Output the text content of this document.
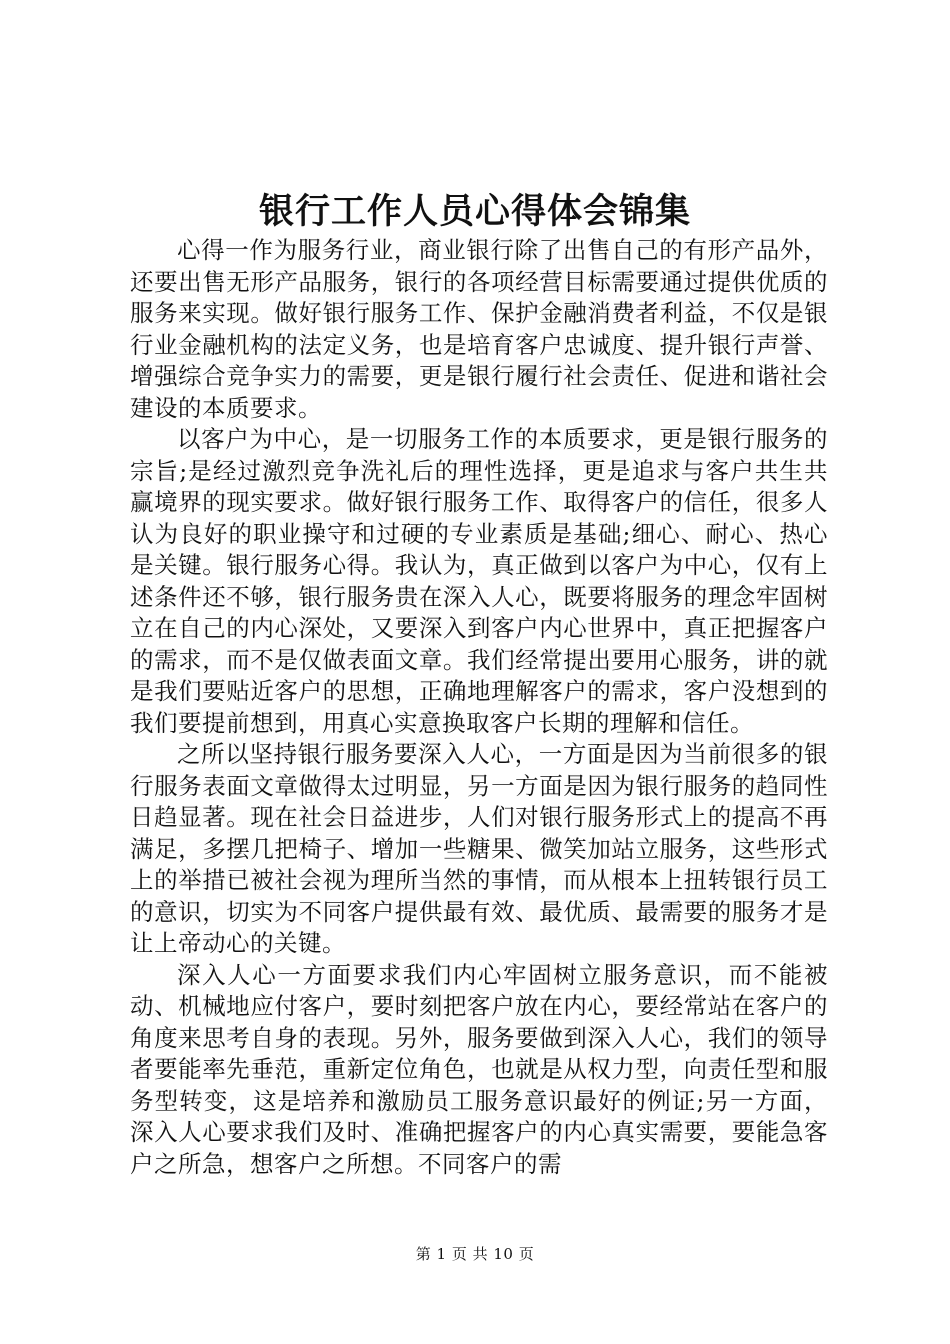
银行工作人员心得体会锦集

心得一作为服务行业，商业银行除了出售自己的有形产品外，还要出售无形产品服务，银行的各项经营目标需要通过提供优质的服务来实现。做好银行服务工作、保护金融消费者利益，不仅是银行业金融机构的法定义务，也是培育客户忠诚度、提升银行声誉、增强综合竞争实力的需要，更是银行履行社会责任、促进和谐社会建设的本质要求。

以客户为中心，是一切服务工作的本质要求，更是银行服务的宗旨;是经过激烈竞争洗礼后的理性选择，更是追求与客户共生共赢境界的现实要求。做好银行服务工作、取得客户的信任，很多人认为良好的职业操守和过硬的专业素质是基础;细心、耐心、热心是关键。银行服务心得。我认为，真正做到以客户为中心，仅有上述条件还不够，银行服务贵在深入人心，既要将服务的理念牢固树立在自己的内心深处，又要深入到客户内心世界中，真正把握客户的需求，而不是仅做表面文章。我们经常提出要用心服务，讲的就是我们要贴近客户的思想，正确地理解客户的需求，客户没想到的我们要提前想到，用真心实意换取客户长期的理解和信任。

之所以坚持银行服务要深入人心，一方面是因为当前很多的银行服务表面文章做得太过明显，另一方面是因为银行服务的趋同性日趋显著。现在社会日益进步，人们对银行服务形式上的提高不再满足，多摆几把椅子、增加一些糖果、微笑加站立服务，这些形式上的举措已被社会视为理所当然的事情，而从根本上扭转银行员工的意识，切实为不同客户提供最有效、最优质、最需要的服务才是让上帝动心的关键。

深入人心一方面要求我们内心牢固树立服务意识，而不能被动、机械地应付客户，要时刻把客户放在内心，要经常站在客户的角度来思考自身的表现。另外，服务要做到深入人心，我们的领导者要能率先垂范，重新定位角色，也就是从权力型，向责任型和服务型转变，这是培养和激励员工服务意识最好的例证;另一方面，深入人心要求我们及时、准确把握客户的内心真实需要，要能急客户之所急，想客户之所想。不同客户的需

第 1 页 共 10 页
